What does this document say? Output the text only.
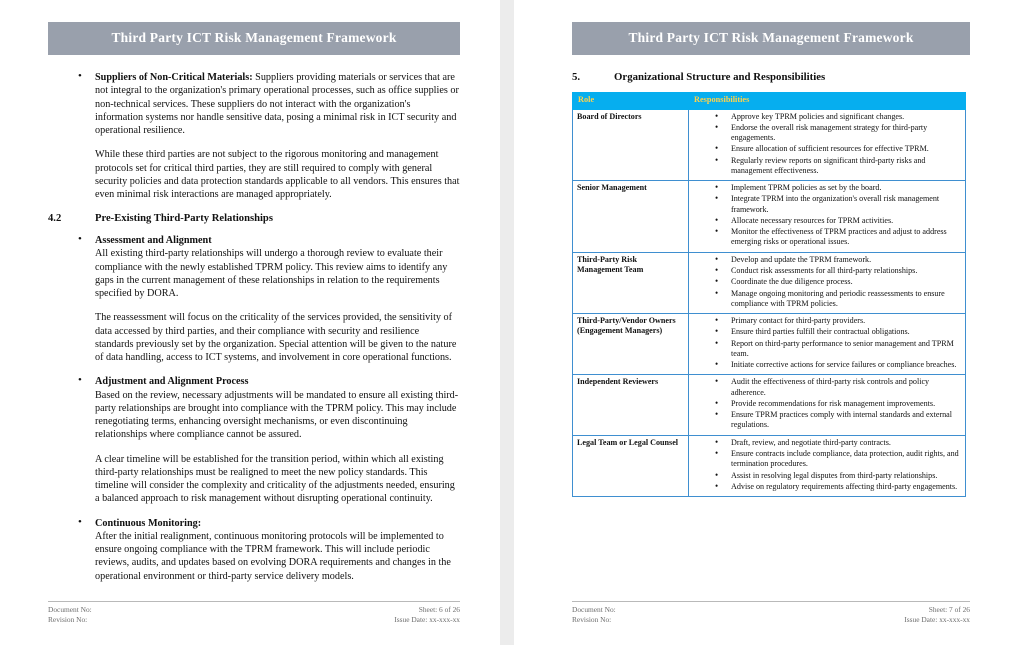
Third Party ICT Risk Management Framework
• Suppliers of Non-Critical Materials: Suppliers providing materials or services that are not integral to the organization's primary operational processes, such as office supplies or non-technical services. These suppliers do not interact with the organization's information systems nor handle sensitive data, posing a minimal risk in ICT security and operational resilience.

While these third parties are not subject to the rigorous monitoring and management protocols set for critical third parties, they are still required to comply with general security policies and data protection standards applicable to all vendors. This ensures that even minimal risk interactions are managed appropriately.

4.2	Pre-Existing Third-Party Relationships
• Assessment and Alignment
All existing third-party relationships will undergo a thorough review to evaluate their compliance with the newly established TPRM policy. This review aims to identify any gaps in the current management of these relationships in relation to the requirements specified by DORA.

The reassessment will focus on the criticality of the services provided, the sensitivity of data accessed by third parties, and their compliance with security and resilience standards previously set by the organization. Special attention will be given to the nature of data handling, access to ICT systems, and involvement in core operational functions.

• Adjustment and Alignment Process
Based on the review, necessary adjustments will be mandated to ensure all existing third-party relationships are brought into compliance with the TPRM policy. This may include renegotiating terms, enhancing oversight mechanisms, or even discontinuing relationships where compliance cannot be assured.

A clear timeline will be established for the transition period, within which all existing third-party relationships must be realigned to meet the new policy standards. This timeline will consider the complexity and criticality of the adjustments needed, ensuring a balanced approach to risk management without disrupting operational continuity.

• Continuous Monitoring:
After the initial realignment, continuous monitoring protocols will be implemented to ensure ongoing compliance with the TPRM framework. This will include periodic reviews, audits, and updates based on evolving DORA requirements and changes in the operational environment or third-party service delivery models.
Document No:	Sheet: 6 of 26
Revision No:	Issue Date: xx-xxx-xx
Third Party ICT Risk Management Framework
5.	Organizational Structure and Responsibilities
Role	Responsibilities
Board of Directors	
•Approve key TPRM policies and significant changes.
• Endorse the overall risk management strategy for third-party engagements.
• Ensure allocation of sufficient resources for effective TPRM.
• Regularly review reports on significant third-party risks and management effectiveness.

Senior Management	
•Implement TPRM policies as set by the board.
• Integrate TPRM into the organization's overall risk management framework.
• Allocate necessary resources for TPRM activities.
• Monitor the effectiveness of TPRM practices and adjust to address emerging risks or operational issues.

Third-Party Risk Management Team	
• Develop and update the TPRM framework.
• Conduct risk assessments for all third-party relationships.
• Coordinate the due diligence process.
• Manage ongoing monitoring and periodic reassessments to ensure compliance with TPRM policies.

Third-Party/Vendor Owners (Engagement Managers)	
• Primary contact for third-party providers.
• Ensure third parties fulfill their contractual obligations.
• Report on third-party performance to senior management and TPRM team.
• Initiate corrective actions for service failures or compliance breaches.

Independent Reviewers	
•Audit the effectiveness of third-party risk controls and policy adherence.
• Provide recommendations for risk management improvements.
• Ensure TPRM practices comply with internal standards and external regulations.

Legal Team or Legal Counsel	
•Draft, review, and negotiate third-party contracts.
• Ensure contracts include compliance, data protection, audit rights, and termination procedures.
• Assist in resolving legal disputes from third-party relationships.
• Advise on regulatory requirements affecting third-party engagements.
Document No:	Sheet: 7 of 26
Revision No:	Issue Date: xx-xxx-xx
